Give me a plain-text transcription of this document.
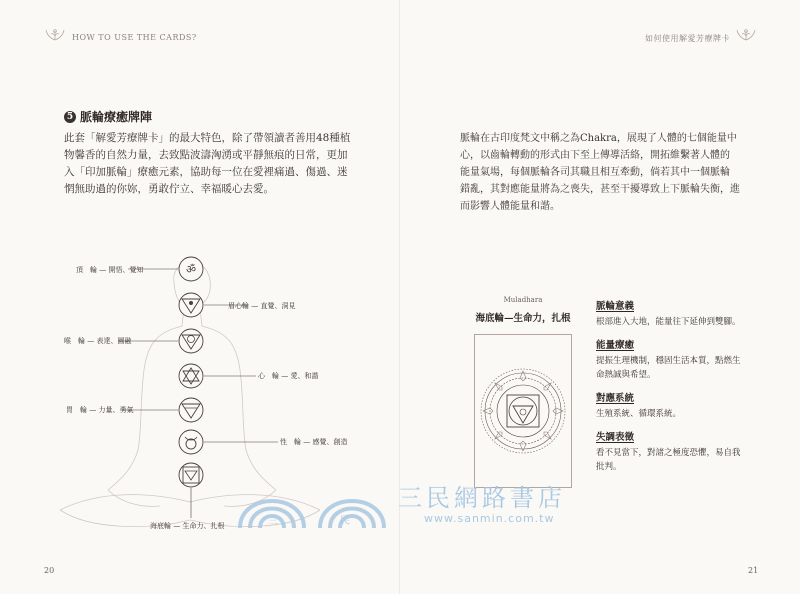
HOW TO USE THE CARDS?	如何使用解愛芳療牌卡
5 脈輪療癒牌陣
此套「解愛芳療牌卡」的最大特色，除了帶領讀者善用48種植
物馨香的自然力量，去致點波濤洶湧或平靜無痕的日常，更加
入「印加脈輪」療癒元素，協助每一位在愛裡痛過、傷過、迷
惘無助過的你妳，勇敢佇立、幸福暖心去愛。
ॐ
頂　輪 — 開悟、覺知
眉心輪 — 直覺、洞見
喉　輪 — 表達、圓融
心　輪 — 愛、和諧
胃　輪 — 力量、勇氣
性　輪 — 感覺、創造
海底輪 — 生命力、扎根
20
脈輪在古印度梵文中稱之為Chakra，展現了人體的七個能量中
心，以齒輪轉動的形式由下至上傳導活絡，開拓維繫著人體的
能量氣場，每個脈輪各司其職且相互牽動，倘若其中一個脈輪
錯亂，其對應能量將為之喪失，甚至干擾導致上下脈輪失衡，進
而影響人體能量和諧。
Muladhara
海底輪—生命力，扎根
脈輪意義
根部進入大地，能量往下延伸到雙腳。
能量療癒
提振生理機制，穩固生活本質，點燃生
命熱誠與希望。
對應系統
生殖系統、循環系統。
失調表徵
看不見當下，對諸之極度恐懼，易自我
批判。
21
三	民
三民網路書店
www.sanmin.com.tw
